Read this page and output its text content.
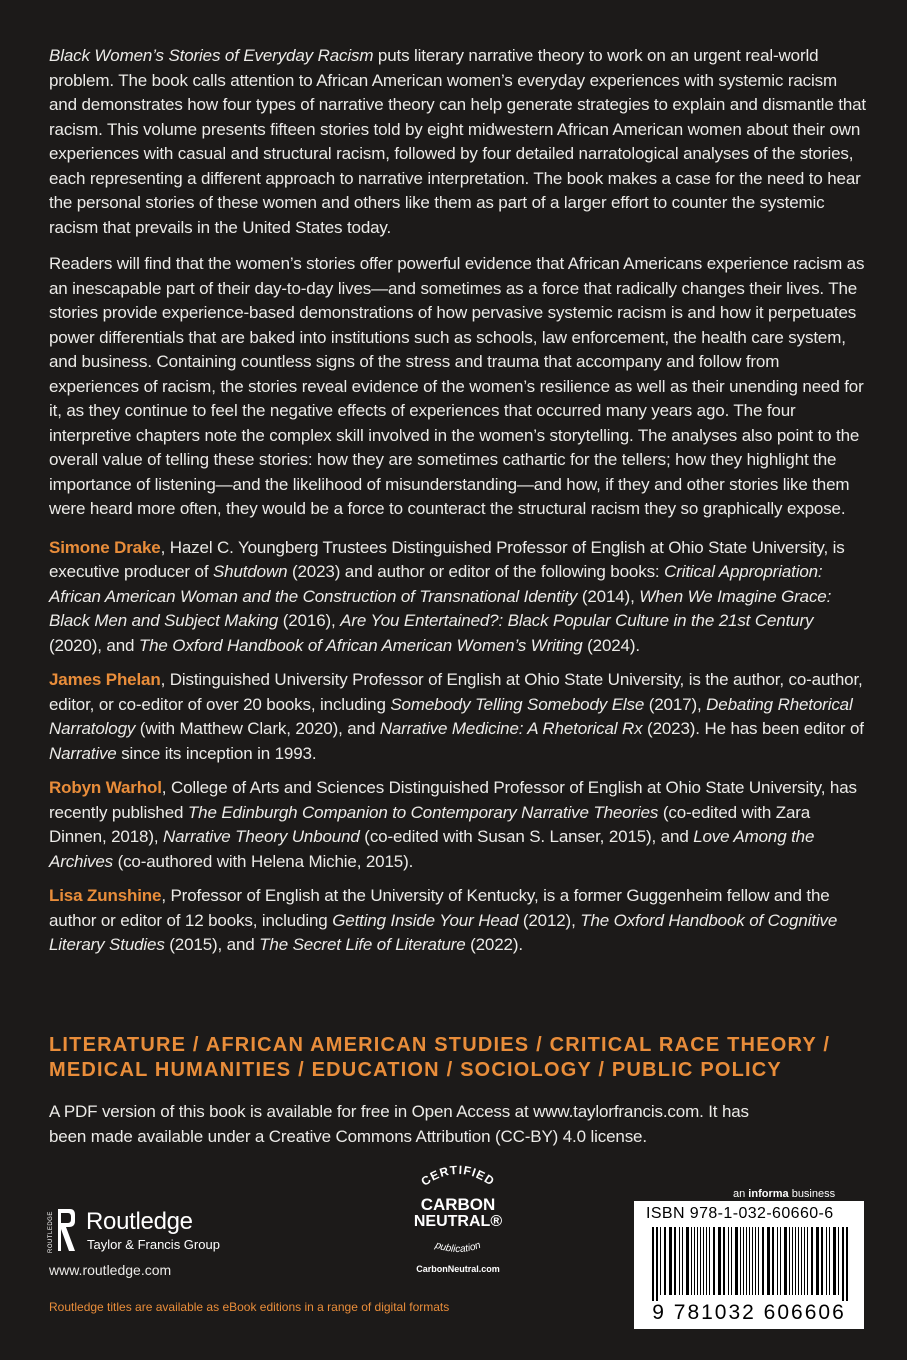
Black Women’s Stories of Everyday Racism puts literary narrative theory to work on an urgent real-world problem. The book calls attention to African American women’s everyday experiences with systemic racism and demonstrates how four types of narrative theory can help generate strategies to explain and dismantle that racism. This volume presents fifteen stories told by eight midwestern African American women about their own experiences with casual and structural racism, followed by four detailed narratological analyses of the stories, each representing a different approach to narrative interpretation. The book makes a case for the need to hear the personal stories of these women and others like them as part of a larger effort to counter the systemic racism that prevails in the United States today.

Readers will find that the women’s stories offer powerful evidence that African Americans experience racism as an inescapable part of their day-to-day lives—and sometimes as a force that radically changes their lives. The stories provide experience-based demonstrations of how pervasive systemic racism is and how it perpetuates power differentials that are baked into institutions such as schools, law enforcement, the health care system, and business. Containing countless signs of the stress and trauma that accompany and follow from experiences of racism, the stories reveal evidence of the women’s resilience as well as their unending need for it, as they continue to feel the negative effects of experiences that occurred many years ago. The four interpretive chapters note the complex skill involved in the women’s storytelling. The analyses also point to the overall value of telling these stories: how they are sometimes cathartic for the tellers; how they highlight the importance of listening—and the likelihood of misunderstanding—and how, if they and other stories like them were heard more often, they would be a force to counteract the structural racism they so graphically expose.

Simone Drake, Hazel C. Youngberg Trustees Distinguished Professor of English at Ohio State University, is executive producer of Shutdown (2023) and author or editor of the following books: Critical Appropriation: African American Woman and the Construction of Transnational Identity (2014), When We Imagine Grace: Black Men and Subject Making (2016), Are You Entertained?: Black Popular Culture in the 21st Century (2020), and The Oxford Handbook of African American Women’s Writing (2024).

James Phelan, Distinguished University Professor of English at Ohio State University, is the author, co-author, editor, or co-editor of over 20 books, including Somebody Telling Somebody Else (2017), Debating Rhetorical Narratology (with Matthew Clark, 2020), and Narrative Medicine: A Rhetorical Rx (2023). He has been editor of Narrative since its inception in 1993.

Robyn Warhol, College of Arts and Sciences Distinguished Professor of English at Ohio State University, has recently published The Edinburgh Companion to Contemporary Narrative Theories (co-edited with Zara Dinnen, 2018), Narrative Theory Unbound (co-edited with Susan S. Lanser, 2015), and Love Among the Archives (co-authored with Helena Michie, 2015).

Lisa Zunshine, Professor of English at the University of Kentucky, is a former Guggenheim fellow and the author or editor of 12 books, including Getting Inside Your Head (2012), The Oxford Handbook of Cognitive Literary Studies (2015), and The Secret Life of Literature (2022).

LITERATURE / AFRICAN AMERICAN STUDIES / CRITICAL RACE THEORY /
MEDICAL HUMANITIES / EDUCATION / SOCIOLOGY / PUBLIC POLICY

A PDF version of this book is available for free in Open Access at www.taylorfrancis.com. It has been made available under a Creative Commons Attribution (CC-BY) 4.0 license.

ROUTLEDGE Routledge
Taylor & Francis Group
www.routledge.com
Routledge titles are available as eBook editions in a range of digital formats
CERTIFIED
CARBON
NEUTRAL®
publication
CarbonNeutral.com
an informa business
ISBN 978-1-032-60660-6
9 781032 606606
